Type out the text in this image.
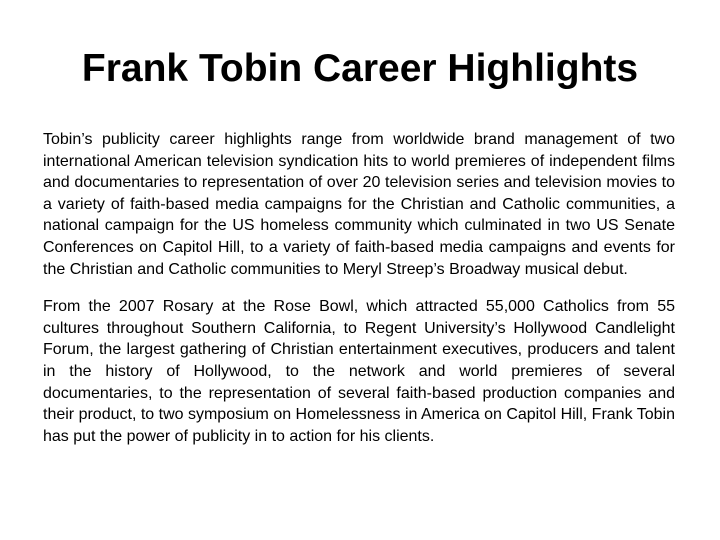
Frank Tobin Career Highlights

Tobin’s publicity career highlights range from worldwide brand management of two international American television syndication hits to world premieres of independent films and documentaries to representation of over 20 television series and television movies to a variety of faith-based media campaigns for the Christian and Catholic communities, a national campaign for the US homeless community which culminated in two US Senate Conferences on Capitol Hill, to a variety of faith-based media campaigns and events for the Christian and Catholic communities to Meryl Streep’s Broadway musical debut.

From the 2007 Rosary at the Rose Bowl, which attracted 55,000 Catholics from 55 cultures throughout Southern California, to Regent University’s Hollywood Candlelight Forum, the largest gathering of Christian entertainment executives, producers and talent in the history of Hollywood, to the network and world premieres of several documentaries, to the representation of several faith-based production companies and their product, to two symposium on Homelessness in America on Capitol Hill, Frank Tobin has put the power of publicity in to action for his clients.
